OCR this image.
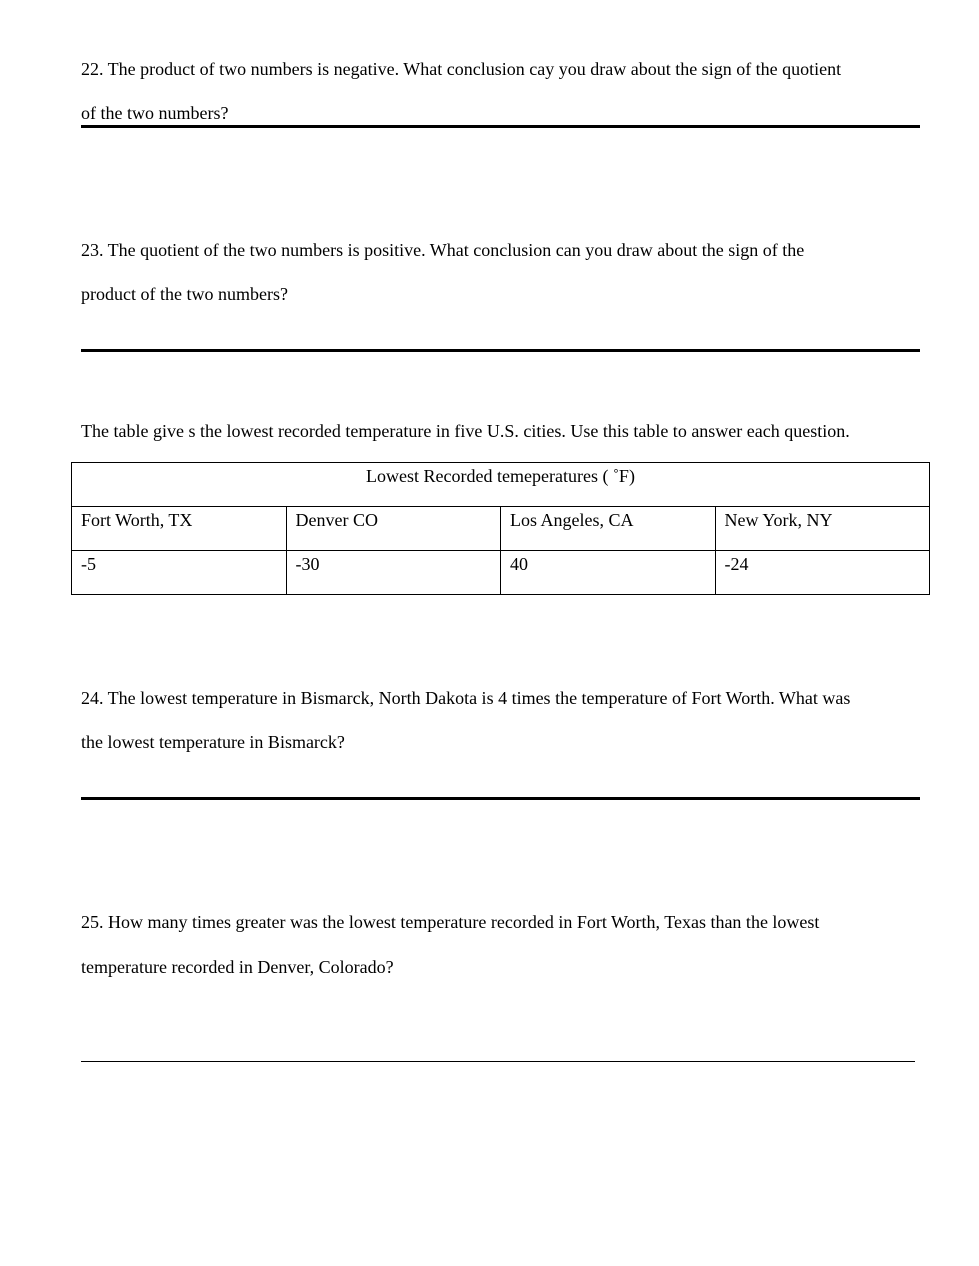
22. The product of two numbers is negative. What conclusion cay you draw about the sign of the quotient
of the two numbers?
23. The quotient of the two numbers is positive. What conclusion can you draw about the sign of the
product of the two numbers?
The table give s the lowest recorded temperature in five U.S. cities. Use this table to answer each question.
Lowest Recorded temeperatures ( ˚F)			

Fort Worth, TX	Denver CO	Los Angeles, CA	New York, NY

-5	-30	40	-24
24. The lowest temperature in Bismarck, North Dakota is 4 times the temperature of Fort Worth. What was
the lowest temperature in Bismarck?
25. How many times greater was the lowest temperature recorded in Fort Worth, Texas than the lowest
temperature recorded in Denver, Colorado?
